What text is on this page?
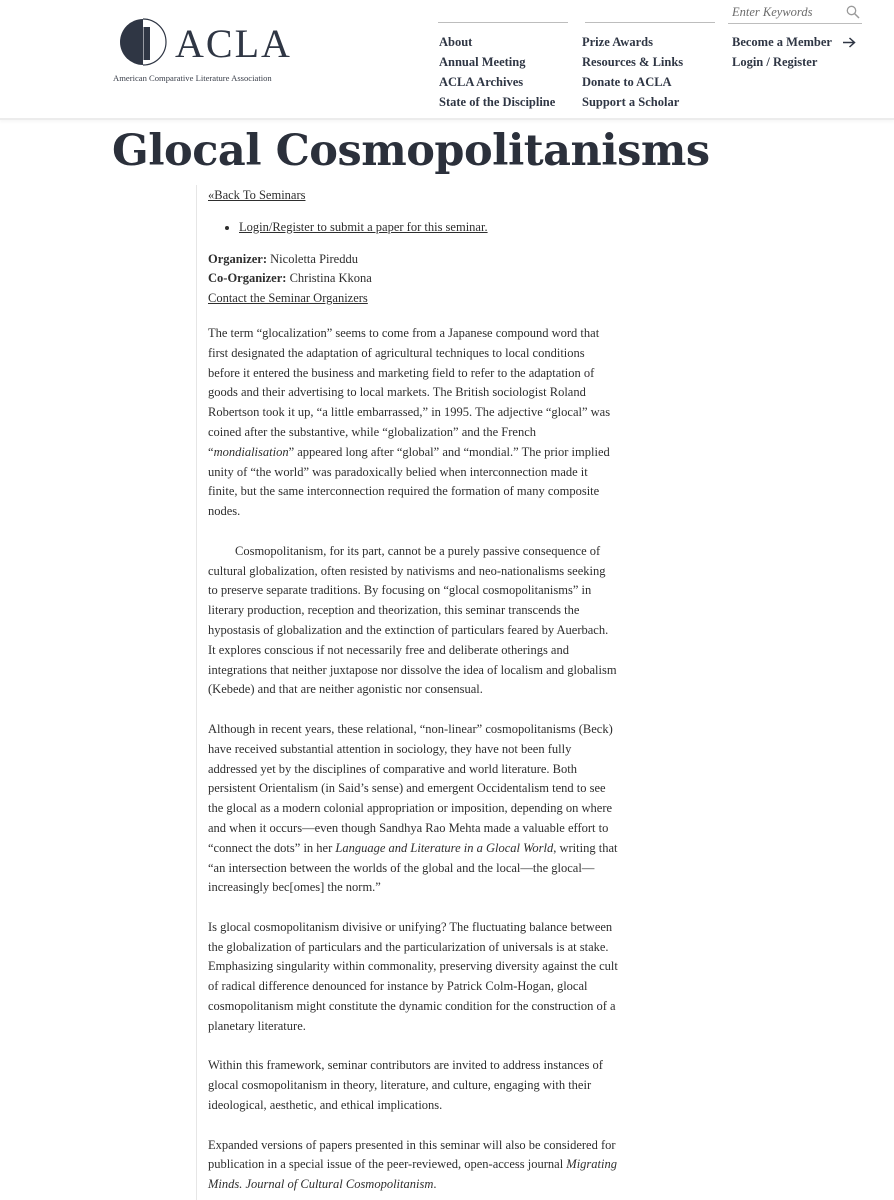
ACLA
American Comparative Literature Association
About
Annual Meeting
ACLA Archives
State of the Discipline
Prize Awards
Resources & Links
Donate to ACLA
Support a Scholar
Become a Member
Login / Register
Enter Keywords
Glocal Cosmopolitanisms
«Back To Seminars
• Login/Register to submit a paper for this seminar.
Organizer: Nicoletta Pireddu
Co-Organizer: Christina Kkona
Contact the Seminar Organizers

The term “glocalization” seems to come from a Japanese compound word that first designated the adaptation of agricultural techniques to local conditions before it entered the business and marketing field to refer to the adaptation of goods and their advertising to local markets. The British sociologist Roland Robertson took it up, “a little embarrassed,” in 1995. The adjective “glocal” was coined after the substantive, while “globalization” and the French “mondialisation” appeared long after “global” and “mondial.” The prior implied unity of “the world” was paradoxically belied when interconnection made it finite, but the same interconnection required the formation of many composite nodes.

Cosmopolitanism, for its part, cannot be a purely passive consequence of cultural globalization, often resisted by nativisms and neo-nationalisms seeking to preserve separate traditions. By focusing on “glocal cosmopolitanisms” in literary production, reception and theorization, this seminar transcends the hypostasis of globalization and the extinction of particulars feared by Auerbach. It explores conscious if not necessarily free and deliberate otherings and integrations that neither juxtapose nor dissolve the idea of localism and globalism (Kebede) and that are neither agonistic nor consensual.

Although in recent years, these relational, “non-linear” cosmopolitanisms (Beck) have received substantial attention in sociology, they have not been fully addressed yet by the disciplines of comparative and world literature. Both persistent Orientalism (in Said’s sense) and emergent Occidentalism tend to see the glocal as a modern colonial appropriation or imposition, depending on where and when it occurs—even though Sandhya Rao Mehta made a valuable effort to “connect the dots” in her Language and Literature in a Glocal World, writing that “an intersection between the worlds of the global and the local—the glocal—increasingly bec[omes] the norm.”

Is glocal cosmopolitanism divisive or unifying? The fluctuating balance between the globalization of particulars and the particularization of universals is at stake. Emphasizing singularity within commonality, preserving diversity against the cult of radical difference denounced for instance by Patrick Colm-Hogan, glocal cosmopolitanism might constitute the dynamic condition for the construction of a planetary literature.

Within this framework, seminar contributors are invited to address instances of glocal cosmopolitanism in theory, literature, and culture, engaging with their ideological, aesthetic, and ethical implications.

Expanded versions of papers presented in this seminar will also be considered for publication in a special issue of the peer-reviewed, open-access journal Migrating Minds. Journal of Cultural Cosmopolitanism.
